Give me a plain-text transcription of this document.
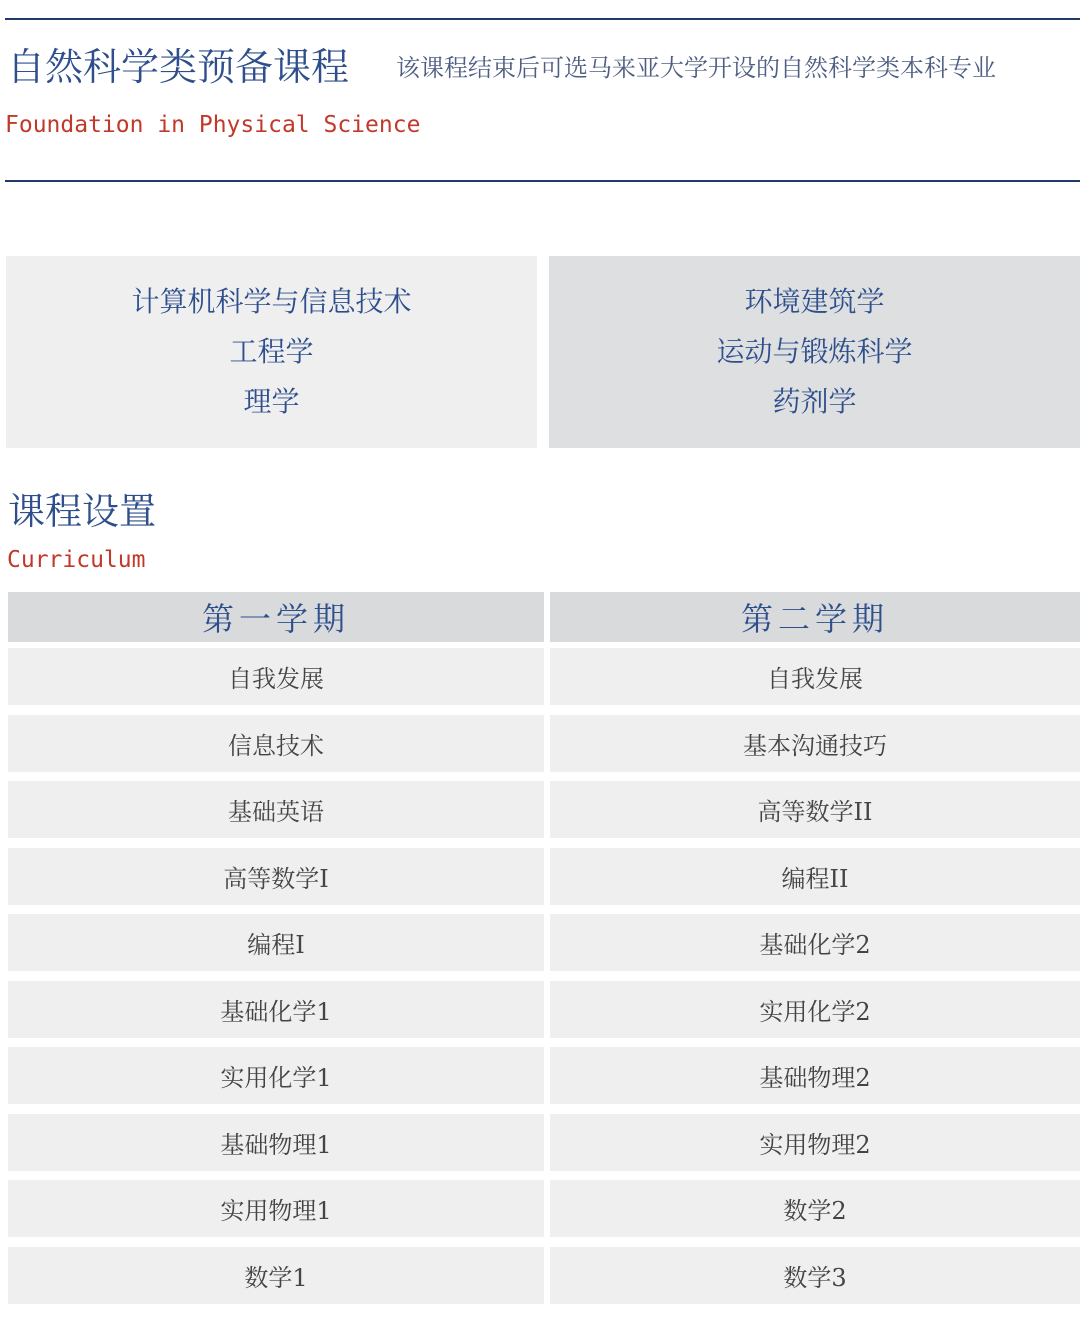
自然科学类预备课程 该课程结束后可选马来亚大学开设的自然科学类本科专业
Foundation in Physical Science
计算机科学与信息技术
工程学
理学
环境建筑学
运动与锻炼科学
药剂学
课程设置
Curriculum
第一学期
自我发展
信息技术
基础英语
高等数学I
编程I
基础化学1
实用化学1
基础物理1
实用物理1
数学1
第二学期
自我发展
基本沟通技巧
高等数学II
编程II
基础化学2
实用化学2
基础物理2
实用物理2
数学2
数学3
